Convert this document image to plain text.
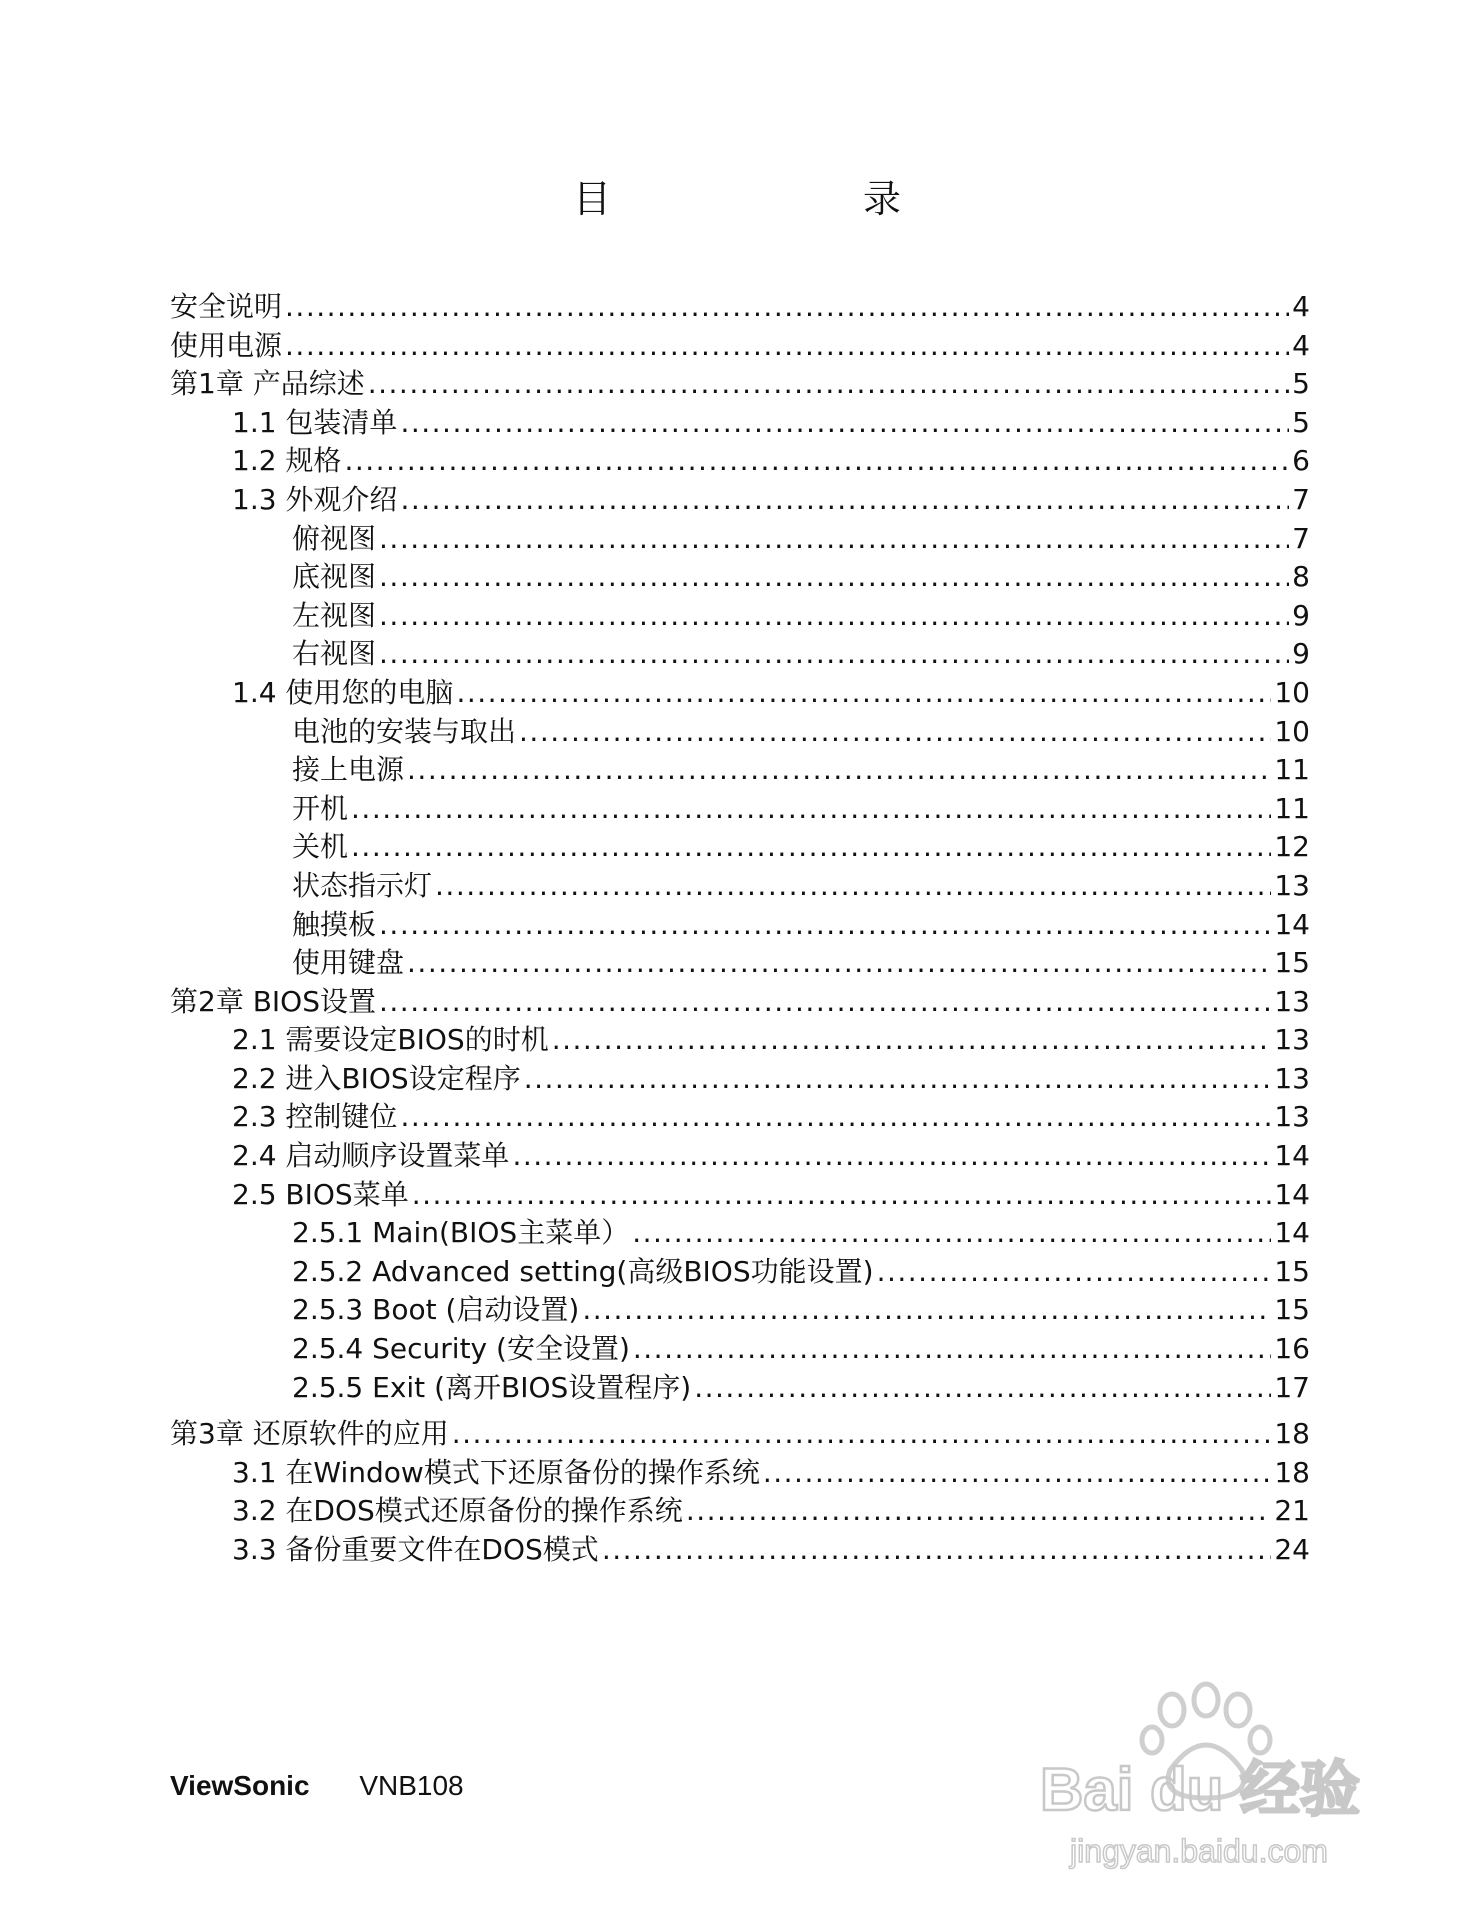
目 录
安全说明 .....	4
使用电源 .....	4
第1章 产品综述 .....	5
1.1 包装清单 .....	5
1.2 规格 .....	6
1.3 外观介绍 .....	7
俯视图 .....	7
底视图 .....	8
左视图 .....	9
右视图 .....	9
1.4 使用您的电脑 .....	10
电池的安装与取出 .....	10
接上电源 .....	11
开机 .....	11
关机 .....	12
状态指示灯 .....	13
触摸板 .....	14
使用键盘 .....	15
第2章 BIOS设置 .....	13
2.1 需要设定BIOS的时机 .....	13
2.2 进入BIOS设定程序 .....	13
2.3 控制键位 .....	13
2.4 启动顺序设置菜单 .....	14
2.5 BIOS菜单 .....	14
2.5.1 Main(BIOS主菜单） .....	14
2.5.2 Advanced setting(高级BIOS功能设置) .....	15
2.5.3 Boot (启动设置) .....	15
2.5.4 Security (安全设置) .....	16
2.5.5 Exit (离开BIOS设置程序) .....	17
第3章 还原软件的应用 .....	18
3.1 在Window模式下还原备份的操作系统 .....	18
3.2 在DOS模式还原备份的操作系统 .....	21
3.3 备份重要文件在DOS模式 .....	24
ViewSonic VNB108	Bai du 经验
jingyan.baidu.com
